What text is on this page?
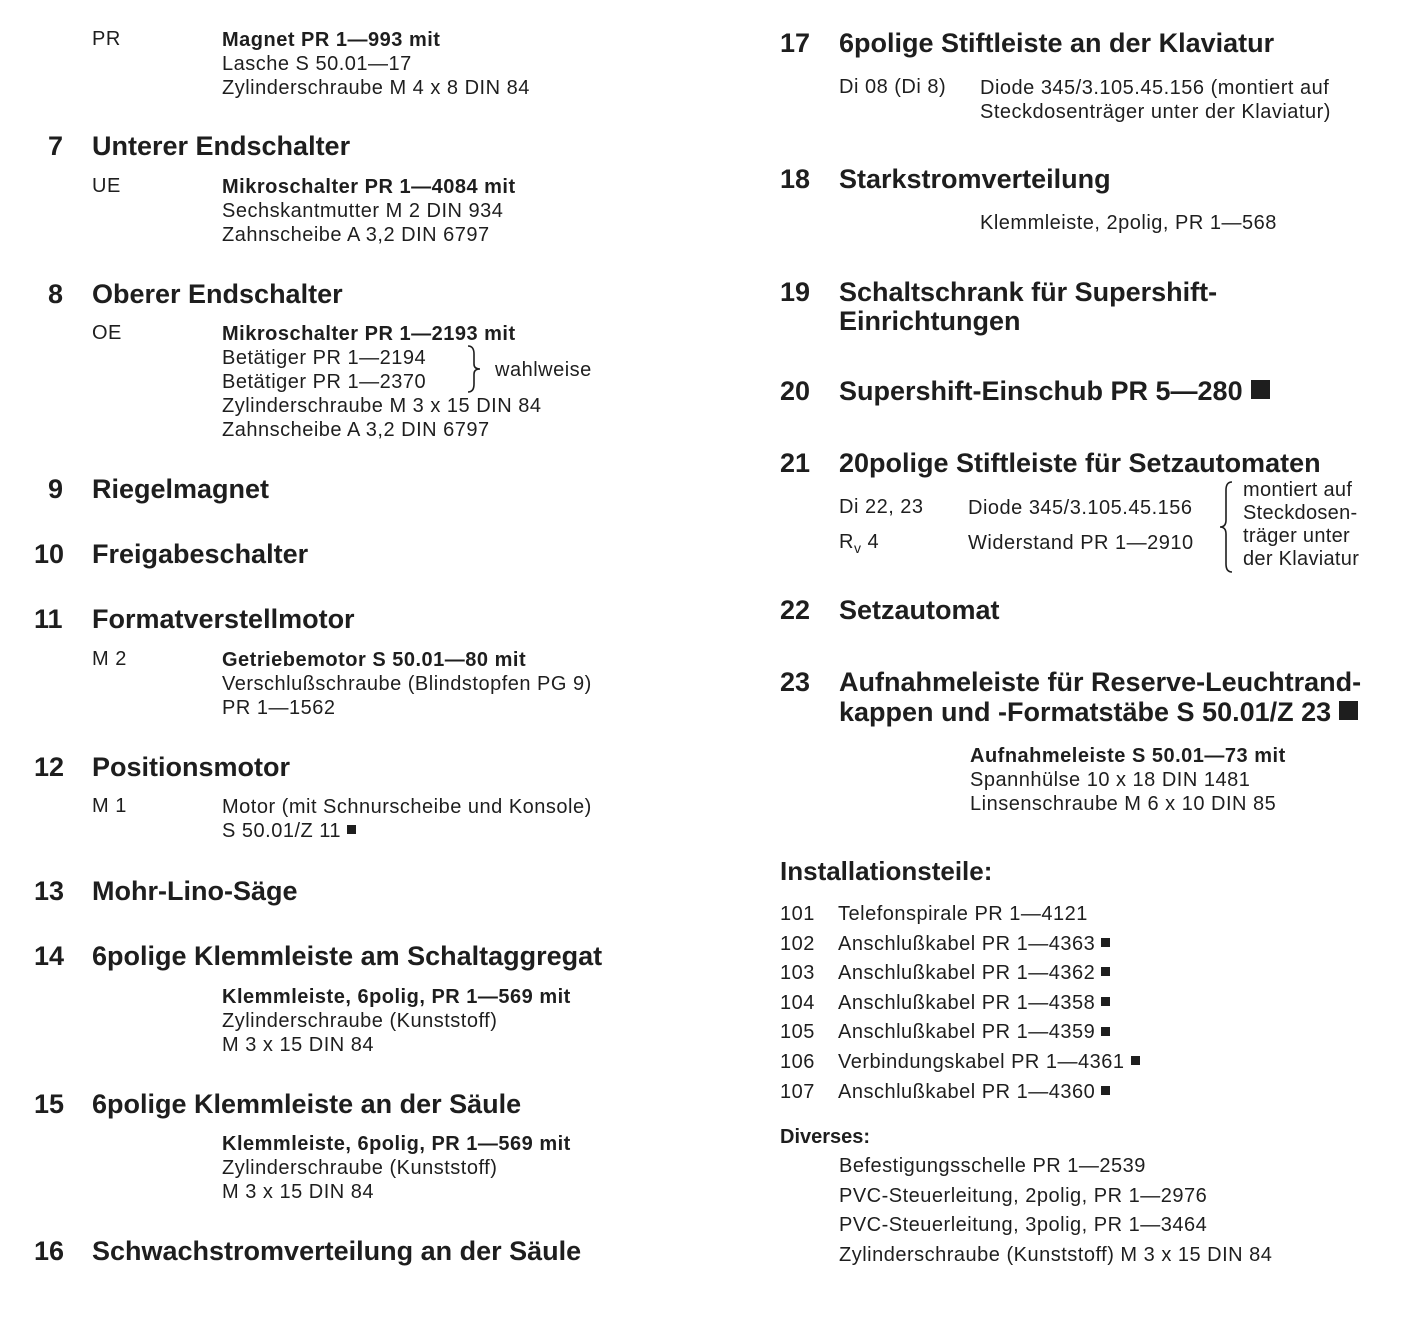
PR	Magnet PR 1—993 mit
Lasche S 50.01—17
Zylinderschraube M 4 x 8 DIN 84
7 Unterer Endschalter
UE	Mikroschalter PR 1—4084 mit
Sechskantmutter M 2 DIN 934
Zahnscheibe A 3,2 DIN 6797
8 Oberer Endschalter
OE	Mikroschalter PR 1—2193 mit
Betätiger PR 1—2194
Betätiger PR 1—2370
Zylinderschraube M 3 x 15 DIN 84
Zahnscheibe A 3,2 DIN 6797
wahlweise
9 Riegelmagnet
10 Freigabeschalter
11 Formatverstellmotor
M 2	Getriebemotor S 50.01—80 mit
Verschlußschraube (Blindstopfen PG 9)
PR 1—1562
12 Positionsmotor
M 1	Motor (mit Schnurscheibe und Konsole)
S 50.01/Z 11
13 Mohr-Lino-Säge
14 6polige Klemmleiste am Schaltaggregat
Klemmleiste, 6polig, PR 1—569 mit
Zylinderschraube (Kunststoff)
M 3 x 15 DIN 84
15 6polige Klemmleiste an der Säule
Klemmleiste, 6polig, PR 1—569 mit
Zylinderschraube (Kunststoff)
M 3 x 15 DIN 84
16 Schwachstromverteilung an der Säule
17 6polige Stiftleiste an der Klaviatur
Di 08 (Di 8) Diode 345/3.105.45.156 (montiert auf
Steckdosenträger unter der Klaviatur)
18 Starkstromverteilung
Klemmleiste, 2polig, PR 1—568
19 Schaltschrank für Supershift-
Einrichtungen
20 Supershift-Einschub PR 5—280
21 20polige Stiftleiste für Setzautomaten
Di 22, 23 Diode 345/3.105.45.156
$R_v$ 4	Widerstand PR 1—2910
montiert auf
Steckdosen-
träger unter
der Klaviatur
22 Setzautomat
23 Aufnahmeleiste für Reserve-Leuchtrand-
kappen und -Formatstäbe S 50.01/Z 23
Aufnahmeleiste S 50.01—73 mit
Spannhülse 10 x 18 DIN 1481
Linsenschraube M 6 x 10 DIN 85
Installationsteile:
101 Telefonspirale PR 1—4121
102 Anschlußkabel PR 1—4363
103 Anschlußkabel PR 1—4362
104 Anschlußkabel PR 1—4358
105 Anschlußkabel PR 1—4359
106 Verbindungskabel PR 1—4361
107 Anschlußkabel PR 1—4360
Diverses:
Befestigungsschelle PR 1—2539
PVC-Steuerleitung, 2polig, PR 1—2976
PVC-Steuerleitung, 3polig, PR 1—3464
Zylinderschraube (Kunststoff) M 3 x 15 DIN 84
